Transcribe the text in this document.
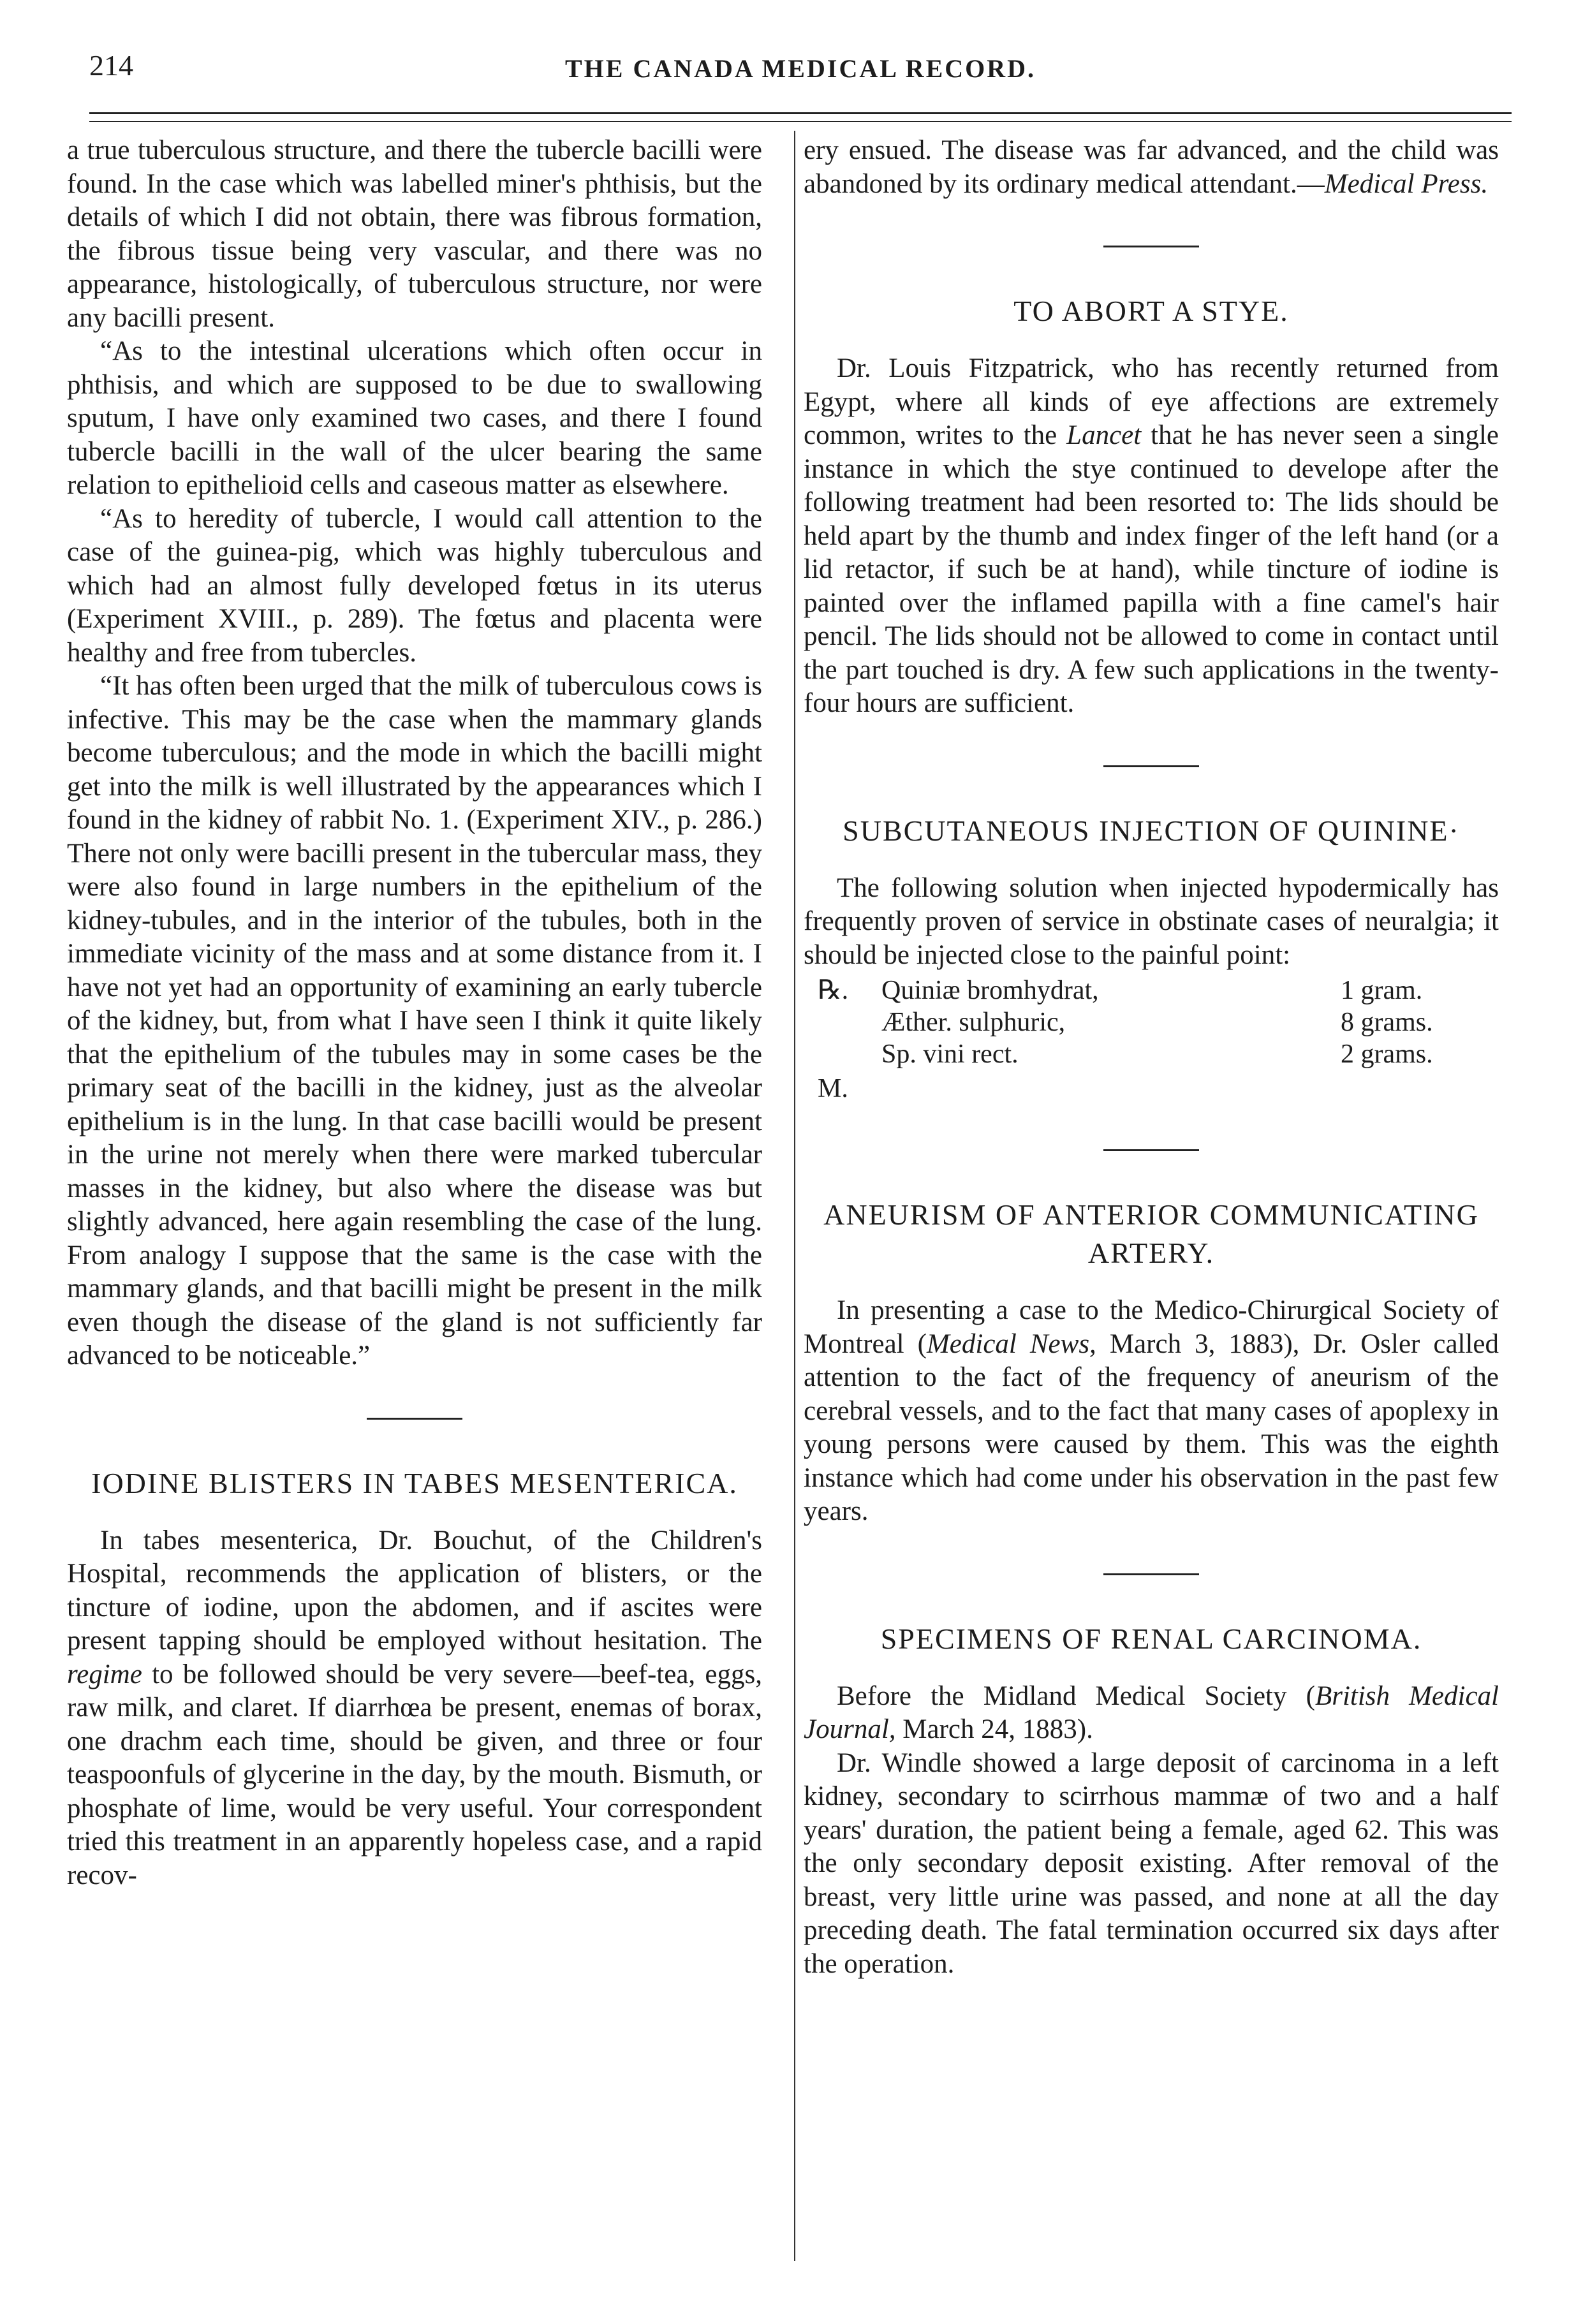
214	THE CANADA MEDICAL RECORD.

a true tuberculous structure, and there the tubercle bacilli were found. In the case which was labelled miner's phthisis, but the details of which I did not obtain, there was fibrous formation, the fibrous tissue being very vascular, and there was no appearance, histologically, of tuberculous structure, nor were any bacilli present.

“As to the intestinal ulcerations which often occur in phthisis, and which are supposed to be due to swallowing sputum, I have only examined two cases, and there I found tubercle bacilli in the wall of the ulcer bearing the same relation to epithelioid cells and caseous matter as elsewhere.

“As to heredity of tubercle, I would call attention to the case of the guinea-pig, which was highly tuberculous and which had an almost fully developed fœtus in its uterus (Experiment XVIII., p. 289). The fœtus and placenta were healthy and free from tubercles.

“It has often been urged that the milk of tuberculous cows is infective. This may be the case when the mammary glands become tuberculous; and the mode in which the bacilli might get into the milk is well illustrated by the appearances which I found in the kidney of rabbit No. 1. (Experiment XIV., p. 286.) There not only were bacilli present in the tubercular mass, they were also found in large numbers in the epithelium of the kidney-tubules, and in the interior of the tubules, both in the immediate vicinity of the mass and at some distance from it. I have not yet had an opportunity of examining an early tubercle of the kidney, but, from what I have seen I think it quite likely that the epithelium of the tubules may in some cases be the primary seat of the bacilli in the kidney, just as the alveolar epithelium is in the lung. In that case bacilli would be present in the urine not merely when there were marked tubercular masses in the kidney, but also where the disease was but slightly advanced, here again resembling the case of the lung. From analogy I suppose that the same is the case with the mammary glands, and that bacilli might be present in the milk even though the disease of the gland is not sufficiently far advanced to be noticeable.”

IODINE BLISTERS IN TABES MESENTERICA.

In tabes mesenterica, Dr. Bouchut, of the Children's Hospital, recommends the application of blisters, or the tincture of iodine, upon the abdomen, and if ascites were present tapping should be employed without hesitation. The regime to be followed should be very severe—beef-tea, eggs, raw milk, and claret. If diarrhœa be present, enemas of borax, one drachm each time, should be given, and three or four teaspoonfuls of glycerine in the day, by the mouth. Bismuth, or phosphate of lime, would be very useful. Your correspondent tried this treatment in an apparently hopeless case, and a rapid recov-

ery ensued. The disease was far advanced, and the child was abandoned by its ordinary medical attendant.—Medical Press.

TO ABORT A STYE.

Dr. Louis Fitzpatrick, who has recently returned from Egypt, where all kinds of eye affections are extremely common, writes to the Lancet that he has never seen a single instance in which the stye continued to develope after the following treatment had been resorted to: The lids should be held apart by the thumb and index finger of the left hand (or a lid retactor, if such be at hand), while tincture of iodine is painted over the inflamed papilla with a fine camel's hair pencil. The lids should not be allowed to come in contact until the part touched is dry. A few such applications in the twenty-four hours are sufficient.

SUBCUTANEOUS INJECTION OF QUININE·

The following solution when injected hypodermically has frequently proven of service in obstinate cases of neuralgia; it should be injected close to the painful point:

℞.	Quiniæ bromhydrat,	1 gram.
Æther. sulphuric,	8 grams.
Sp. vini rect.	2 grams.
M.
ANEURISM OF ANTERIOR COMMUNICATING ARTERY.

In presenting a case to the Medico-Chirurgical Society of Montreal (Medical News, March 3, 1883), Dr. Osler called attention to the fact of the frequency of aneurism of the cerebral vessels, and to the fact that many cases of apoplexy in young persons were caused by them. This was the eighth instance which had come under his observation in the past few years.

SPECIMENS OF RENAL CARCINOMA.

Before the Midland Medical Society (British Medical Journal, March 24, 1883).

Dr. Windle showed a large deposit of carcinoma in a left kidney, secondary to scirrhous mammæ of two and a half years' duration, the patient being a female, aged 62. This was the only secondary deposit existing. After removal of the breast, very little urine was passed, and none at all the day preceding death. The fatal termination occurred six days after the operation.
